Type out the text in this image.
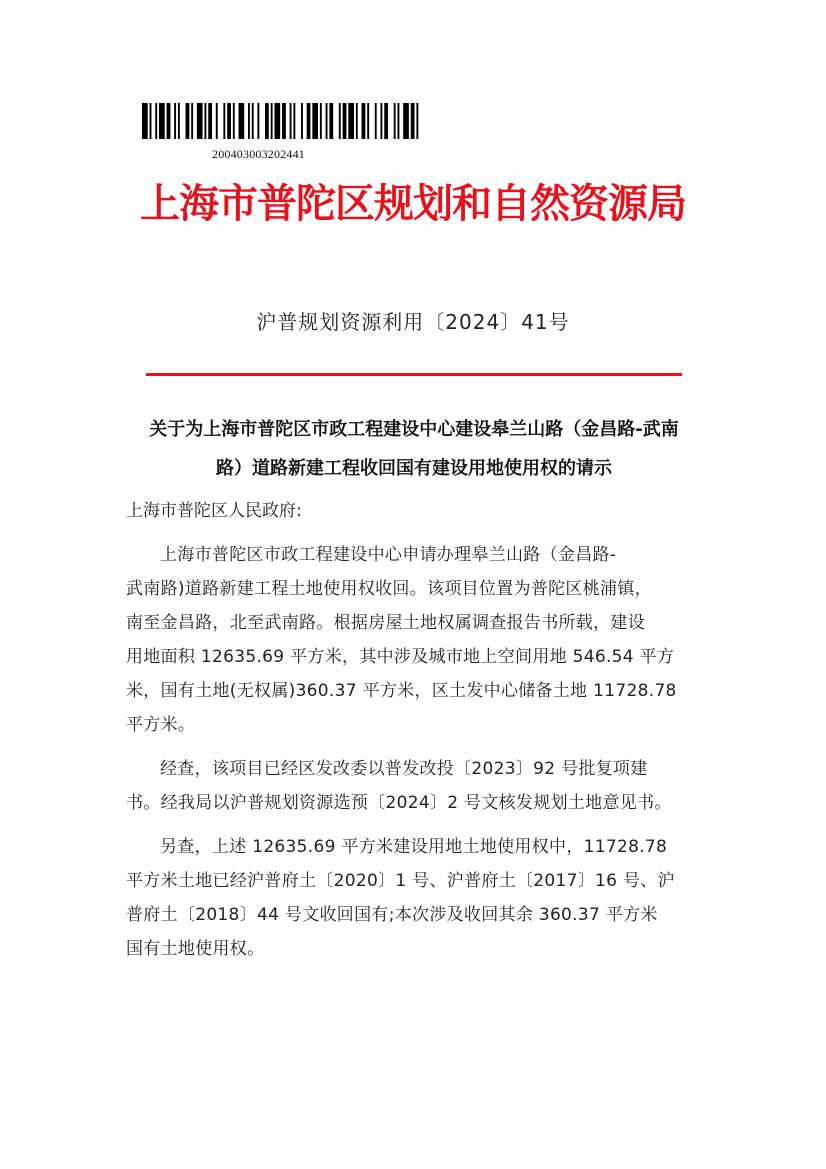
200403003202441
上海市普陀区规划和自然资源局
沪普规划资源利用〔2024〕41号
关于为上海市普陀区市政工程建设中心建设皋兰山路（金昌路-武南
路）道路新建工程收回国有建设用地使用权的请示
上海市普陀区人民政府:
上海市普陀区市政工程建设中心申请办理皋兰山路（金昌路-
武南路)道路新建工程土地使用权收回。该项目位置为普陀区桃浦镇，
南至金昌路，北至武南路。根据房屋土地权属调查报告书所载，建设
用地面积 12635.69 平方米，其中涉及城市地上空间用地 546.54 平方
米，国有土地(无权属)360.37 平方米，区土发中心储备土地 11728.78
平方米。
经查，该项目已经区发改委以普发改投〔2023〕92 号批复项建
书。经我局以沪普规划资源选预〔2024〕2 号文核发规划土地意见书。
另查，上述 12635.69 平方米建设用地土地使用权中，11728.78
平方米土地已经沪普府土〔2020〕1 号、沪普府土〔2017〕16 号、沪
普府土〔2018〕44 号文收回国有;本次涉及收回其余 360.37 平方米
国有土地使用权。
